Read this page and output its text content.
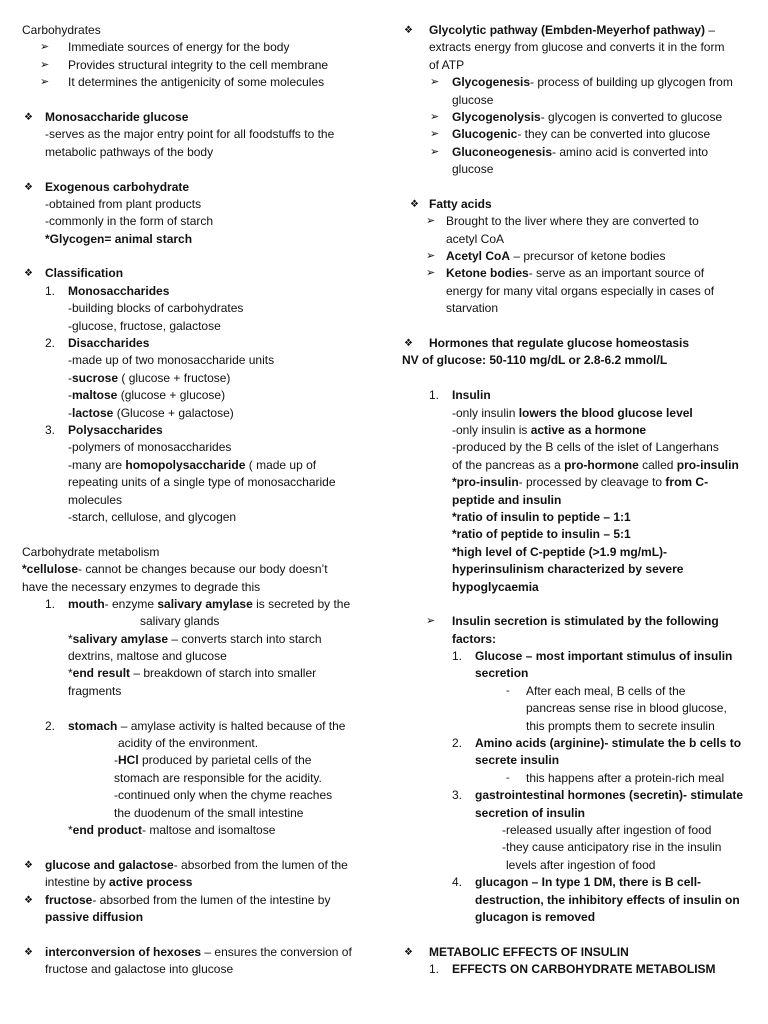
Carbohydrates
➢ Immediate sources of energy for the body
➢ Provides structural integrity to the cell membrane
➢ It determines the antigenicity of some molecules
❖ Monosaccharide glucose
-serves as the major entry point for all foodstuffs to the
metabolic pathways of the body
❖ Exogenous carbohydrate
-obtained from plant products
-commonly in the form of starch
*Glycogen= animal starch
❖ Classification
1. Monosaccharides
-building blocks of carbohydrates
-glucose, fructose, galactose
2. Disaccharides
-made up of two monosaccharide units
-sucrose ( glucose + fructose)
-maltose (glucose + glucose)
-lactose (Glucose + galactose)
3. Polysaccharides
-polymers of monosaccharides
-many are homopolysaccharide ( made up of
repeating units of a single type of monosaccharide
molecules
-starch, cellulose, and glycogen
Carbohydrate metabolism
*cellulose- cannot be changes because our body doesn’t
have the necessary enzymes to degrade this
1. mouth- enzyme salivary amylase is secreted by the
salivary glands
*salivary amylase – converts starch into starch
dextrins, maltose and glucose
*end result – breakdown of starch into smaller
fragments
2. stomach – amylase activity is halted because of the
acidity of the environment.
-HCl produced by parietal cells of the
stomach are responsible for the acidity.
-continued only when the chyme reaches
the duodenum of the small intestine
*end product- maltose and isomaltose
❖ glucose and galactose- absorbed from the lumen of the
intestine by active process
❖ fructose- absorbed from the lumen of the intestine by
passive diffusion
❖ interconversion of hexoses – ensures the conversion of
fructose and galactose into glucose
❖ Glycolytic pathway (Embden-Meyerhof pathway) –
extracts energy from glucose and converts it in the form
of ATP
➢ Glycogenesis- process of building up glycogen from
glucose
➢ Glycogenolysis- glycogen is converted to glucose
➢ Glucogenic- they can be converted into glucose
➢ Gluconeogenesis- amino acid is converted into
glucose
❖ Fatty acids
➢ Brought to the liver where they are converted to
acetyl CoA
➢ Acetyl CoA – precursor of ketone bodies
➢ Ketone bodies- serve as an important source of
energy for many vital organs especially in cases of
starvation
❖ Hormones that regulate glucose homeostasis
NV of glucose: 50-110 mg/dL or 2.8-6.2 mmol/L
1. Insulin
-only insulin lowers the blood glucose level
-only insulin is active as a hormone
-produced by the B cells of the islet of Langerhans
of the pancreas as a pro-hormone called pro-insulin
*pro-insulin- processed by cleavage to from C-
peptide and insulin
*ratio of insulin to peptide – 1:1
*ratio of peptide to insulin – 5:1
*high level of C-peptide (>1.9 mg/mL)-
hyperinsulinism characterized by severe
hypoglycaemia
➢ Insulin secretion is stimulated by the following
factors:
1. Glucose – most important stimulus of insulin
secretion
- After each meal, B cells of the
pancreas sense rise in blood glucose,
this prompts them to secrete insulin
2. Amino acids (arginine)- stimulate the b cells to
secrete insulin
- this happens after a protein-rich meal
3. gastrointestinal hormones (secretin)- stimulate
secretion of insulin
-released usually after ingestion of food
-they cause anticipatory rise in the insulin
levels after ingestion of food
4. glucagon – In type 1 DM, there is B cell-
destruction, the inhibitory effects of insulin on
glucagon is removed
❖ METABOLIC EFFECTS OF INSULIN
1. EFFECTS ON CARBOHYDRATE METABOLISM
